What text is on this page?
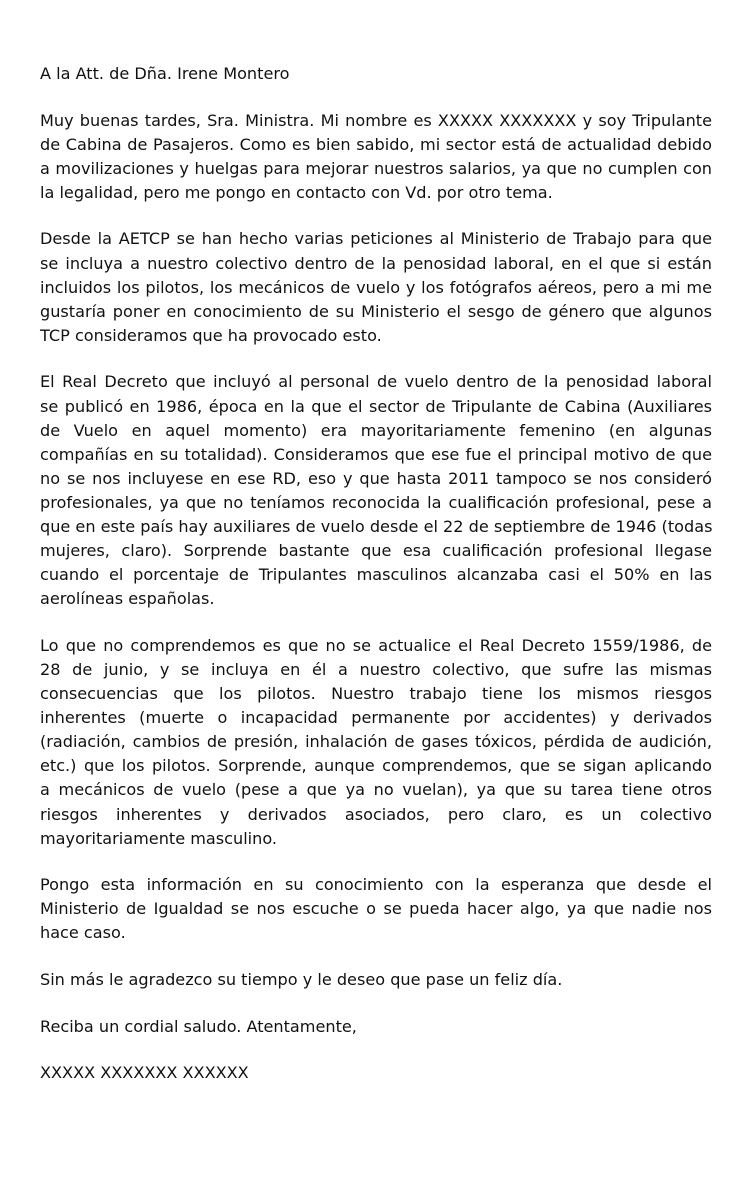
A la Att. de Dña. Irene Montero
Muy buenas tardes, Sra. Ministra. Mi nombre es XXXXX XXXXXXX y soy Tripulante
de Cabina de Pasajeros. Como es bien sabido, mi sector está de actualidad debido
a movilizaciones y huelgas para mejorar nuestros salarios, ya que no cumplen con
la legalidad, pero me pongo en contacto con Vd. por otro tema.
Desde la AETCP se han hecho varias peticiones al Ministerio de Trabajo para que
se incluya a nuestro colectivo dentro de la penosidad laboral, en el que si están
incluidos los pilotos, los mecánicos de vuelo y los fotógrafos aéreos, pero a mi me
gustaría poner en conocimiento de su Ministerio el sesgo de género que algunos
TCP consideramos que ha provocado esto.
El Real Decreto que incluyó al personal de vuelo dentro de la penosidad laboral
se publicó en 1986, época en la que el sector de Tripulante de Cabina (Auxiliares
de Vuelo en aquel momento) era mayoritariamente femenino (en algunas
compañías en su totalidad). Consideramos que ese fue el principal motivo de que
no se nos incluyese en ese RD, eso y que hasta 2011 tampoco se nos consideró
profesionales, ya que no teníamos reconocida la cualificación profesional, pese a
que en este país hay auxiliares de vuelo desde el 22 de septiembre de 1946 (todas
mujeres, claro). Sorprende bastante que esa cualificación profesional llegase
cuando el porcentaje de Tripulantes masculinos alcanzaba casi el 50% en las
aerolíneas españolas.
Lo que no comprendemos es que no se actualice el Real Decreto 1559/1986, de
28 de junio, y se incluya en él a nuestro colectivo, que sufre las mismas
consecuencias que los pilotos. Nuestro trabajo tiene los mismos riesgos
inherentes (muerte o incapacidad permanente por accidentes) y derivados
(radiación, cambios de presión, inhalación de gases tóxicos, pérdida de audición,
etc.) que los pilotos. Sorprende, aunque comprendemos, que se sigan aplicando
a mecánicos de vuelo (pese a que ya no vuelan), ya que su tarea tiene otros
riesgos inherentes y derivados asociados, pero claro, es un colectivo
mayoritariamente masculino.
Pongo esta información en su conocimiento con la esperanza que desde el
Ministerio de Igualdad se nos escuche o se pueda hacer algo, ya que nadie nos
hace caso.
Sin más le agradezco su tiempo y le deseo que pase un feliz día.
Reciba un cordial saludo. Atentamente,
XXXXX XXXXXXX XXXXXX
